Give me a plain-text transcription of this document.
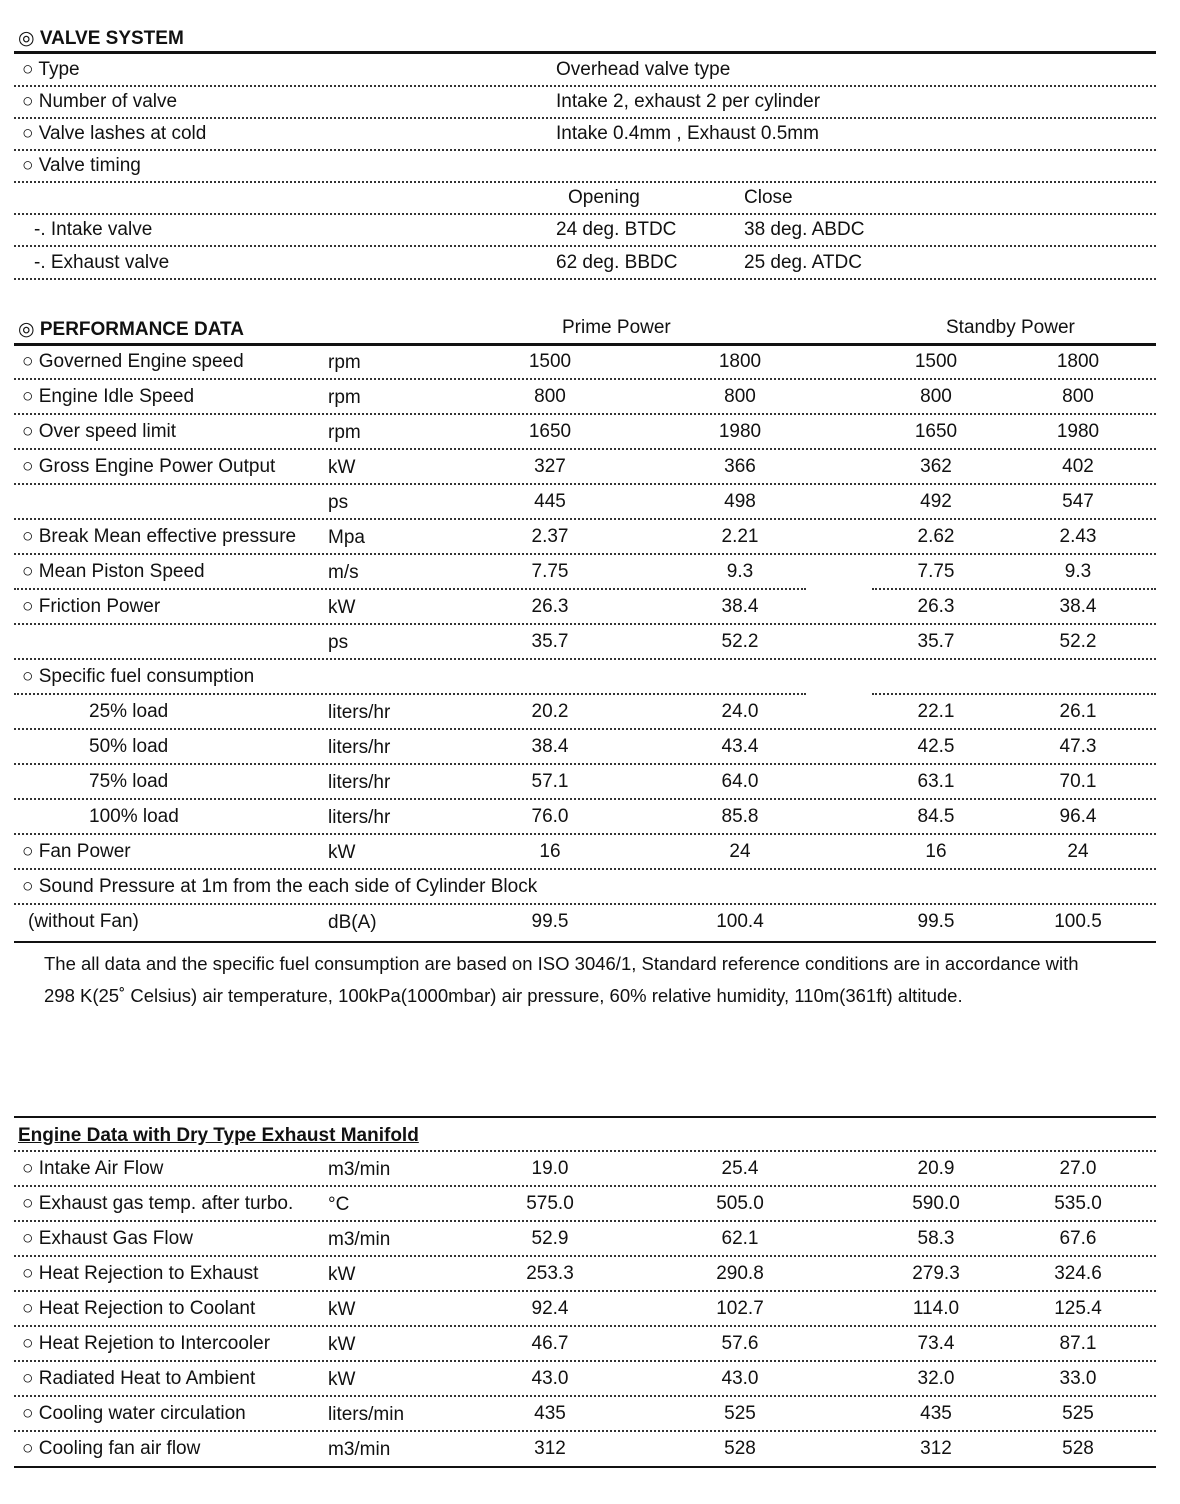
◎ VALVE SYSTEM
○ Type	Overhead valve type
○ Number of valve	Intake 2, exhaust 2 per cylinder
○ Valve lashes at cold	Intake 0.4mm , Exhaust 0.5mm
○ Valve timing
Opening	Close
-. Intake valve	24 deg. BTDC	38 deg. ABDC
-. Exhaust valve	62 deg. BBDC	25 deg. ATDC
◎ PERFORMANCE DATA	Prime Power	Standby Power
○ Governed Engine speed	rpm	1500	1800	1500	1800
○ Engine Idle Speed	rpm	800	800	800	800
○ Over speed limit	rpm	1650	1980	1650	1980
○ Gross Engine Power Output	kW	327	366	362	402
ps	445	498	492	547
○ Break Mean effective pressure Mpa	2.37	2.21	2.62	2.43
○ Mean Piston Speed	m/s	7.75	9.3	7.75	9.3
○ Friction Power	kW	26.3	38.4	26.3	38.4
ps	35.7	52.2	35.7	52.2
○ Specific fuel consumption
25% load	liters/hr	20.2	24.0	22.1	26.1
50% load	liters/hr	38.4	43.4	42.5	47.3
75% load	liters/hr	57.1	64.0	63.1	70.1
100% load	liters/hr	76.0	85.8	84.5	96.4
○ Fan Power	kW	16	24	16	24
○ Sound Pressure at 1m from the each side of Cylinder Block
(without Fan)	dB(A)	99.5	100.4	99.5	100.5
The all data and the specific fuel consumption are based on ISO 3046/1, Standard reference conditions are in accordance with
298 K(25˚ Celsius) air temperature, 100kPa(1000mbar) air pressure, 60% relative humidity, 110m(361ft) altitude.
Engine Data with Dry Type Exhaust Manifold
○ Intake Air Flow	m3/min	19.0	25.4	20.9	27.0
○ Exhaust gas temp. after turbo. °C	575.0	505.0	590.0	535.0
○ Exhaust Gas Flow	m3/min	52.9	62.1	58.3	67.6
○ Heat Rejection to Exhaust	kW	253.3	290.8	279.3	324.6
○ Heat Rejection to Coolant	kW	92.4	102.7	114.0	125.4
○ Heat Rejetion to Intercooler	kW	46.7	57.6	73.4	87.1
○ Radiated Heat to Ambient	kW	43.0	43.0	32.0	33.0
○ Cooling water circulation	liters/min	435	525	435	525
○ Cooling fan air flow	m3/min	312	528	312	528
